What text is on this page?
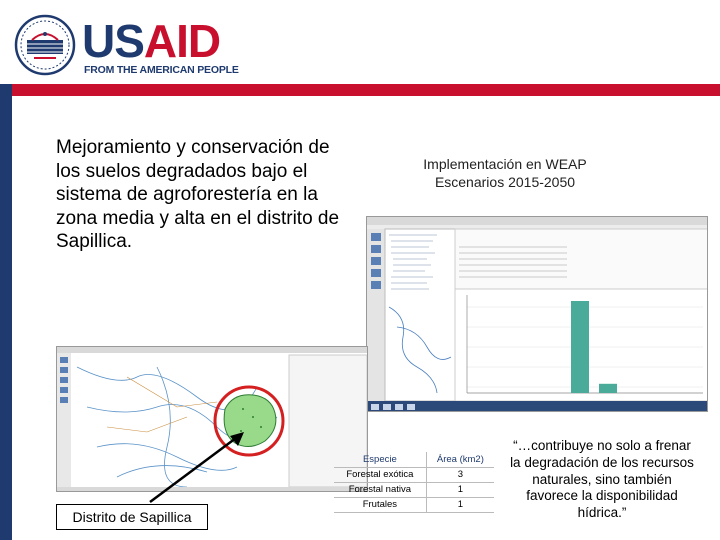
USAID
FROM THE AMERICAN PEOPLE
Mejoramiento y conservación de los suelos degradados bajo el sistema de agroforestería en la zona media y alta en el distrito de Sapillica.
Implementación en WEAP
Escenarios 2015-2050
Distrito de Sapillica
Especie	Área (km2)
Forestal exótica	3
Forestal nativa	1
Frutales	1
“…contribuye no solo a frenar la degradación de los recursos naturales, sino también favorece la disponibilidad hídrica.”
